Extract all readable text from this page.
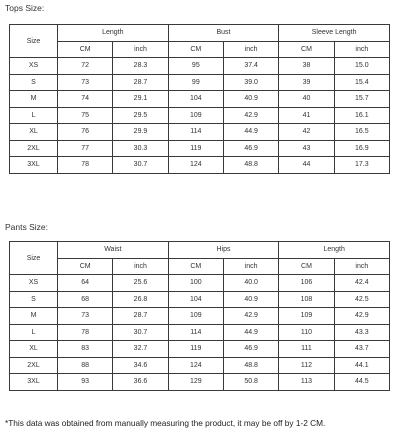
Tops Size:
Size	Length		Bust		Sleeve Length	
	CM	inch	CM	inch	CM	inch
XS	72	28.3	95	37.4	38	15.0
S	73	28.7	99	39.0	39	15.4
M	74	29.1	104	40.9	40	15.7
L	75	29.5	109	42.9	41	16.1
XL	76	29.9	114	44.9	42	16.5
2XL	77	30.3	119	46.9	43	16.9
3XL	78	30.7	124	48.8	44	17.3
Pants Size:
Size	Waist		Hips		Length	
	CM	inch	CM	inch	CM	inch
XS	64	25.6	100	40.0	106	42.4
S	68	26.8	104	40.9	108	42.5
M	73	28.7	109	42.9	109	42.9
L	78	30.7	114	44.9	110	43.3
XL	83	32.7	119	46.9	111	43.7
2XL	88	34.6	124	48.8	112	44.1
3XL	93	36.6	129	50.8	113	44.5
*This data was obtained from manually measuring the product, it may be off by 1-2 CM.
